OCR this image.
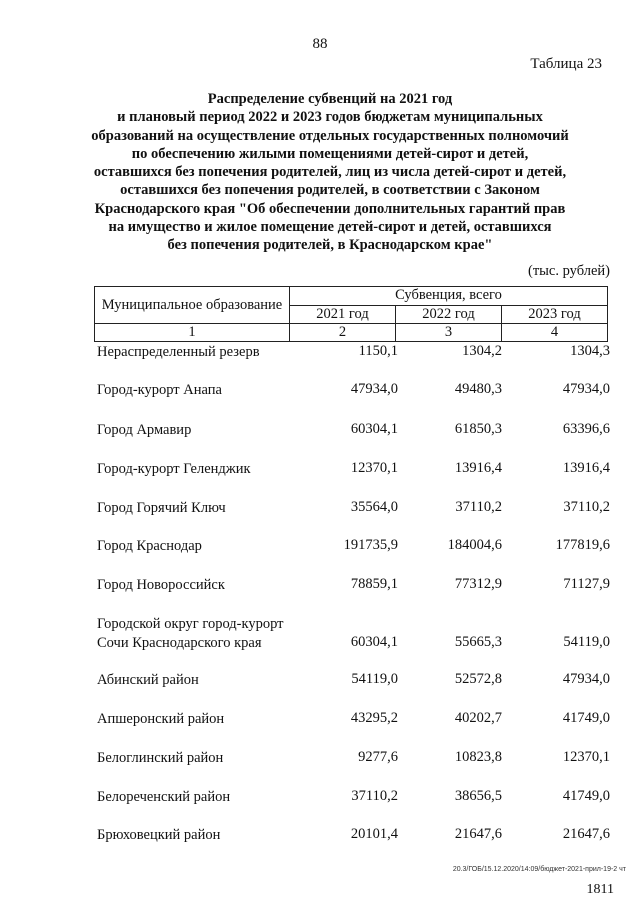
88
Таблица 23
Распределение субвенций на 2021 год
и плановый период 2022 и 2023 годов бюджетам муниципальных
образований на осуществление отдельных государственных полномочий
по обеспечению жилыми помещениями детей-сирот и детей,
оставшихся без попечения родителей, лиц из числа детей-сирот и детей,
оставшихся без попечения родителей, в соответствии с Законом
Краснодарского края "Об обеспечении дополнительных гарантий прав
на имущество и жилое помещение детей-сирот и детей, оставшихся
без попечения родителей, в Краснодарском крае"
(тыс. рублей)
Муниципальное образование	Субвенция, всего		
	2021 год	2022 год	2023 год
1	2	3	4
Нераспределенный резерв	1150,1	1304,2	1304,3
Город-курорт Анапа	47934,0	49480,3	47934,0
Город Армавир	60304,1	61850,3	63396,6
Город-курорт Геленджик	12370,1	13916,4	13916,4
Город Горячий Ключ	35564,0	37110,2	37110,2
Город Краснодар	191735,9	184004,6	177819,6
Город Новороссийск	78859,1	77312,9	71127,9
Городской округ город-курорт
Сочи Краснодарского края	60304,1	55665,3	54119,0
Абинский район	54119,0	52572,8	47934,0
Апшеронский район	43295,2	40202,7	41749,0
Белоглинский район	9277,6	10823,8	12370,1
Белореченский район	37110,2	38656,5	41749,0
Брюховецкий район	20101,4	21647,6	21647,6
20.3/ГОБ/15.12.2020/14:09/бюджет-2021-прил-19-2 чт
1811
